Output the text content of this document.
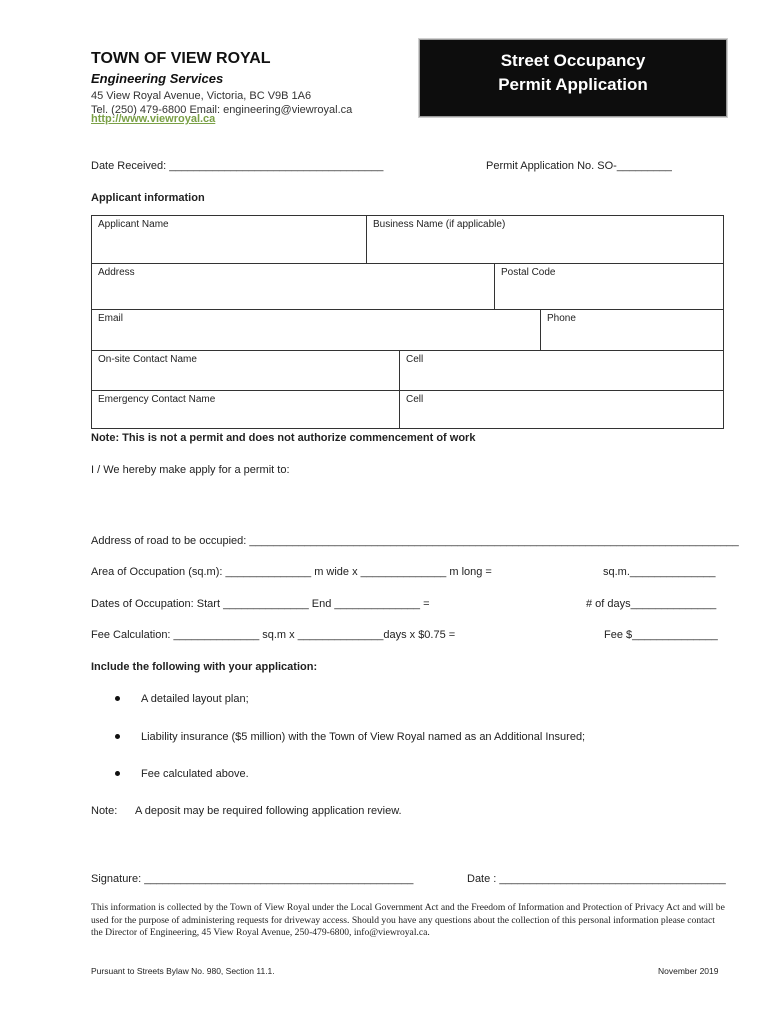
TOWN OF VIEW ROYAL
Engineering Services
45 View Royal Avenue, Victoria, BC V9B 1A6
Tel. (250) 479-6800 Email: engineering@viewroyal.ca
http://www.viewroyal.ca
Street Occupancy
Permit Application
Date Received: ___________________________________	Permit Application No. SO-_________
Applicant information
Applicant Name	Business Name (if applicable)
Address	Postal Code
Email	Phone
On-site Contact Name	Cell
Emergency Contact Name	Cell
Note: This is not a permit and does not authorize commencement of work
I / We hereby make apply for a permit to:
Address of road to be occupied: ________________________________________________________________________________
Area of Occupation (sq.m): ______________ m wide x ______________ m long =	sq.m.______________
Dates of Occupation: Start ______________ End ______________ =	# of days______________
Fee Calculation: ______________ sq.m x ______________days x $0.75 =	Fee $______________
Include the following with your application:
A detailed layout plan;
Liability insurance ($5 million) with the Town of View Royal named as an Additional Insured;
Fee calculated above.
Note: A deposit may be required following application review.
Signature: ____________________________________________	Date : _____________________________________
This information is collected by the Town of View Royal under the Local Government Act and the Freedom of Information and Protection of Privacy Act and will be used for the purpose of administering requests for driveway access. Should you have any questions about the collection of this personal information please contact the Director of Engineering, 45 View Royal Avenue, 250-479-6800, info@viewroyal.ca.
Pursuant to Streets Bylaw No. 980, Section 11.1.	November 2019
